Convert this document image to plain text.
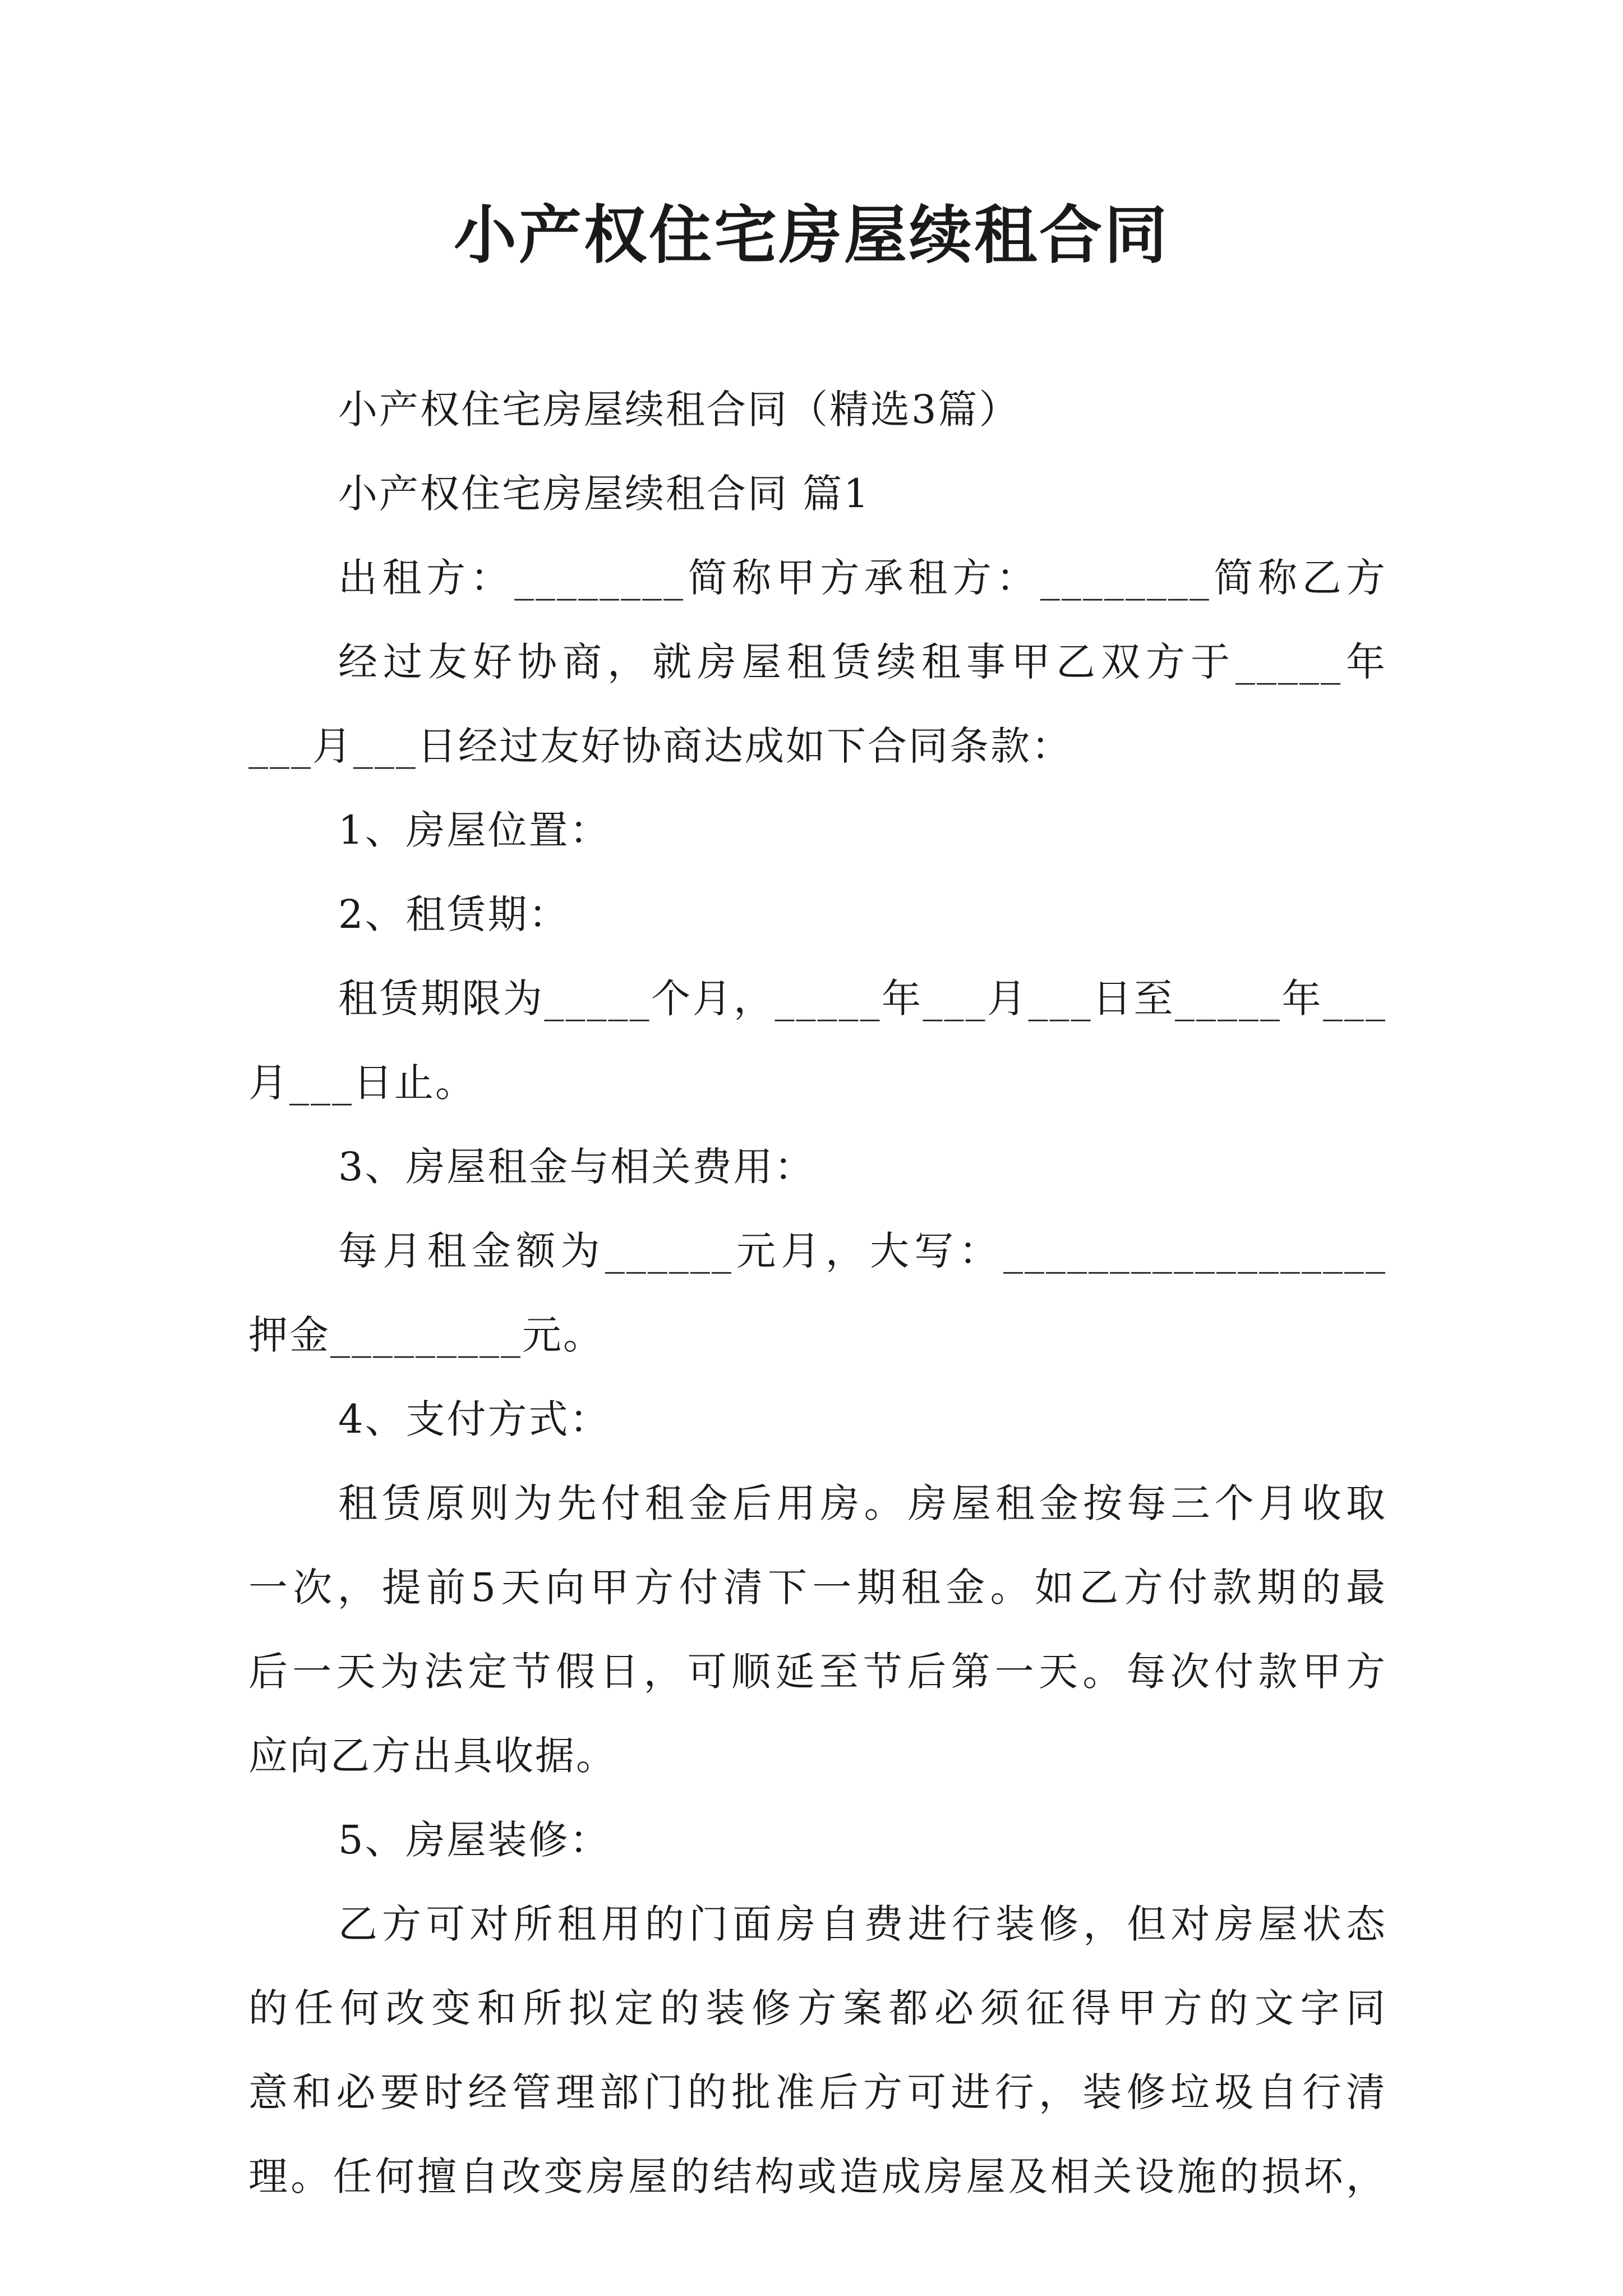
小产权住宅房屋续租合同
小产权住宅房屋续租合同（精选3篇）
小产权住宅房屋续租合同 篇1
出租方：________简称甲方承租方：________简称乙方
经过友好协商，就房屋租赁续租事甲乙双方于_____年
___月___日经过友好协商达成如下合同条款：
1、房屋位置：
2、租赁期：
租赁期限为_____个月，_____年___月___日至_____年___
月___日止。
3、房屋租金与相关费用：
每月租金额为______元月，大写：__________________
押金_________元。
4、支付方式：
租赁原则为先付租金后用房。房屋租金按每三个月收取
一次，提前5天向甲方付清下一期租金。如乙方付款期的最
后一天为法定节假日，可顺延至节后第一天。每次付款甲方
应向乙方出具收据。
5、房屋装修：
乙方可对所租用的门面房自费进行装修，但对房屋状态
的任何改变和所拟定的装修方案都必须征得甲方的文字同
意和必要时经管理部门的批准后方可进行，装修垃圾自行清
理。任何擅自改变房屋的结构或造成房屋及相关设施的损坏，
